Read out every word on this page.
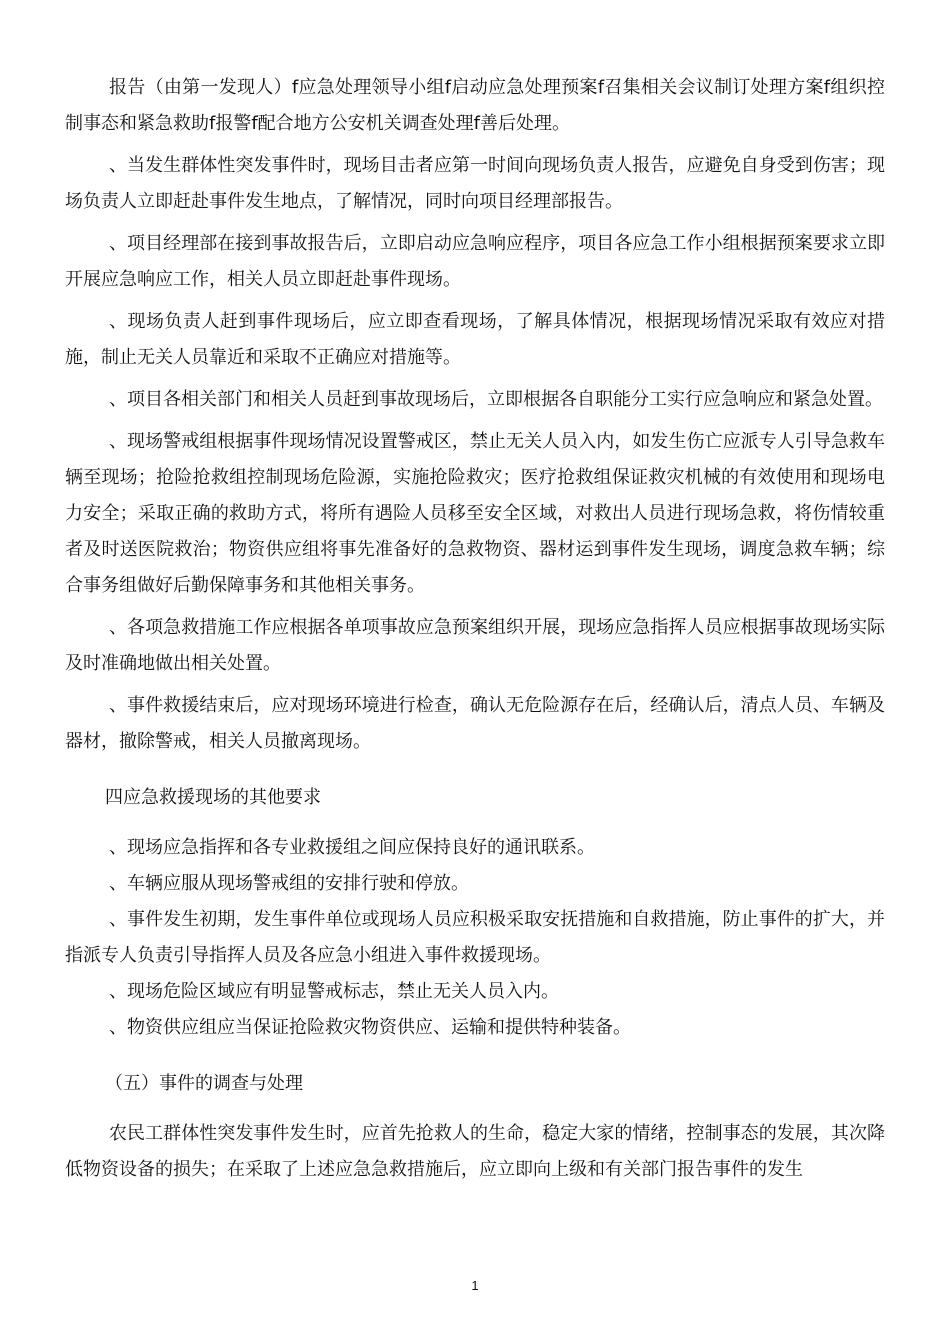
报告（由第一发现人）f应急处理领导小组f启动应急处理预案f召集相关会议制订处理方案f组织控制事态和紧急救助f报警f配合地方公安机关调查处理f善后处理。

、当发生群体性突发事件时，现场目击者应第一时间向现场负责人报告，应避免自身受到伤害；现场负责人立即赶赴事件发生地点，了解情况，同时向项目经理部报告。

、项目经理部在接到事故报告后，立即启动应急响应程序，项目各应急工作小组根据预案要求立即开展应急响应工作，相关人员立即赶赴事件现场。

、现场负责人赶到事件现场后，应立即查看现场，了解具体情况，根据现场情况采取有效应对措施，制止无关人员靠近和采取不正确应对措施等。

、项目各相关部门和相关人员赶到事故现场后，立即根据各自职能分工实行应急响应和紧急处置。

、现场警戒组根据事件现场情况设置警戒区，禁止无关人员入内，如发生伤亡应派专人引导急救车辆至现场；抢险抢救组控制现场危险源，实施抢险救灾；医疗抢救组保证救灾机械的有效使用和现场电力安全；采取正确的救助方式，将所有遇险人员移至安全区域，对救出人员进行现场急救，将伤情较重者及时送医院救治；物资供应组将事先准备好的急救物资、器材运到事件发生现场，调度急救车辆；综合事务组做好后勤保障事务和其他相关事务。

、各项急救措施工作应根据各单项事故应急预案组织开展，现场应急指挥人员应根据事故现场实际及时准确地做出相关处置。

、事件救援结束后，应对现场环境进行检查，确认无危险源存在后，经确认后，清点人员、车辆及器材，撤除警戒，相关人员撤离现场。

四应急救援现场的其他要求

、现场应急指挥和各专业救援组之间应保持良好的通讯联系。

、车辆应服从现场警戒组的安排行驶和停放。

、事件发生初期，发生事件单位或现场人员应积极采取安抚措施和自救措施，防止事件的扩大，并指派专人负责引导指挥人员及各应急小组进入事件救援现场。

、现场危险区域应有明显警戒标志，禁止无关人员入内。

、物资供应组应当保证抢险救灾物资供应、运输和提供特种装备。

（五）事件的调查与处理

农民工群体性突发事件发生时，应首先抢救人的生命，稳定大家的情绪，控制事态的发展，其次降低物资设备的损失；在采取了上述应急急救措施后，应立即向上级和有关部门报告事件的发生

1
